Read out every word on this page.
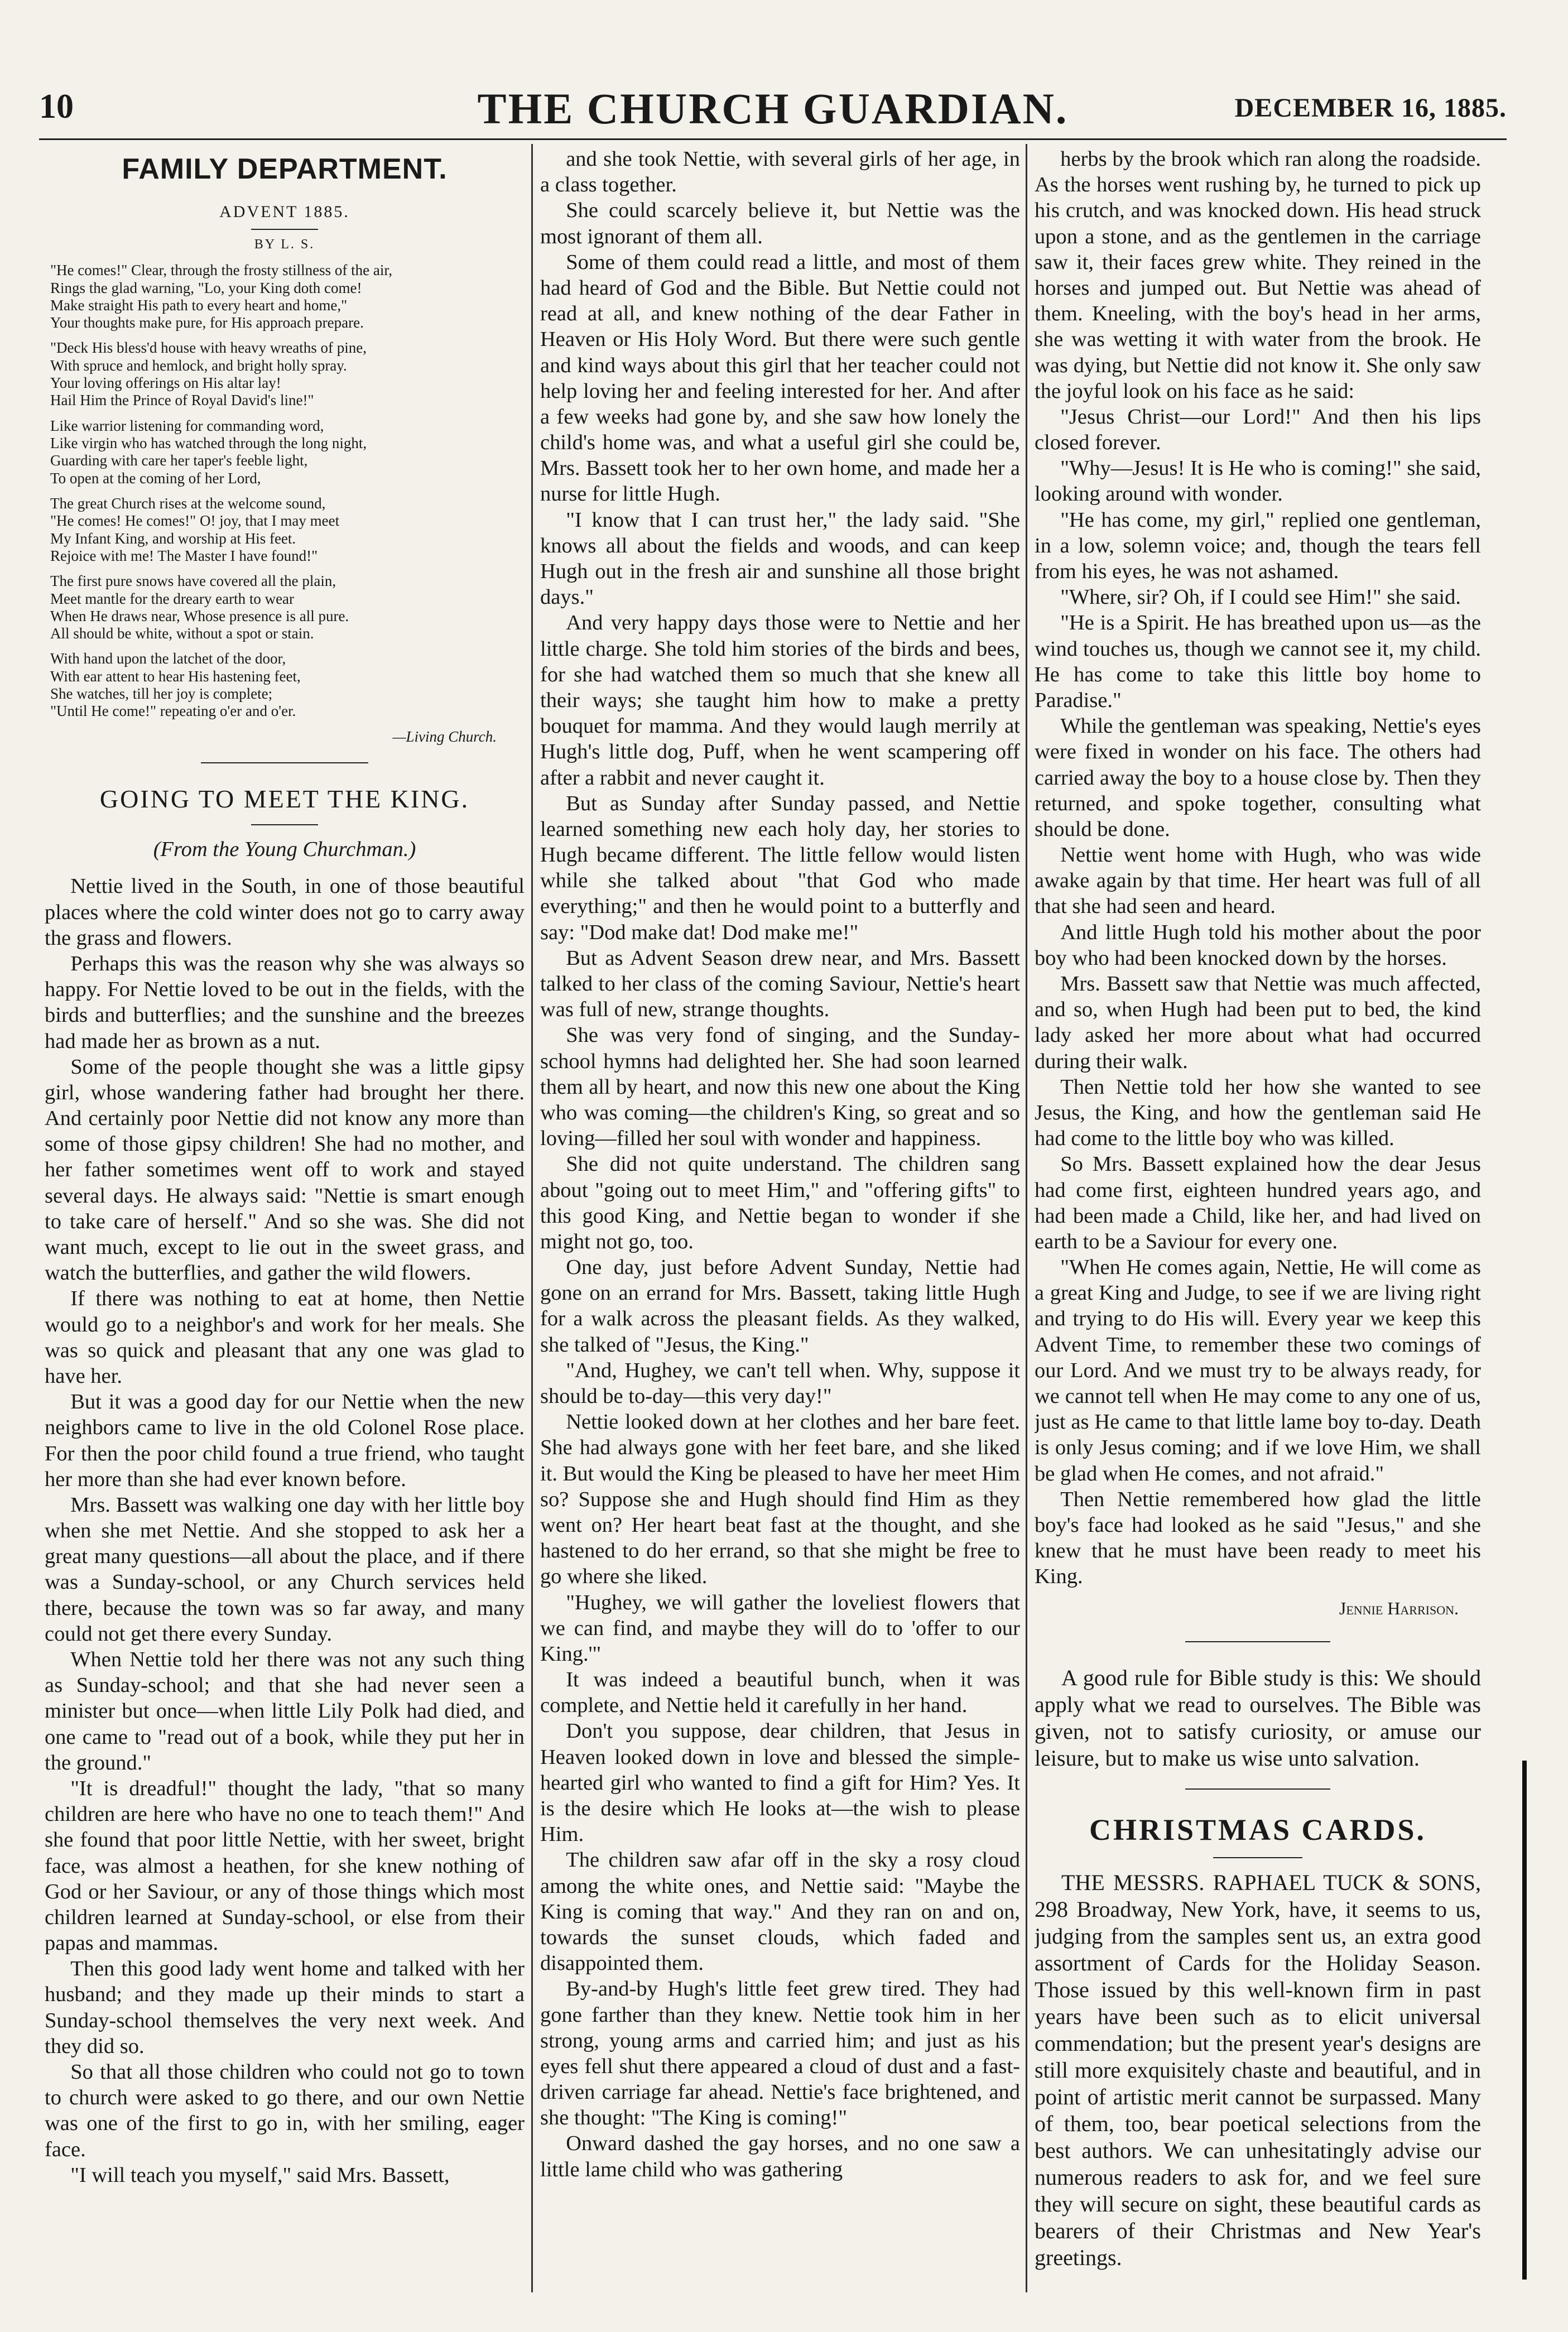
10	THE CHURCH GUARDIAN.	DECEMBER 16, 1885.
FAMILY DEPARTMENT.
ADVENT 1885.
BY L. S.
"He comes!" Clear, through the frosty stillness of the air,
Rings the glad warning, "Lo, your King doth come!
Make straight His path to every heart and home,"
Your thoughts make pure, for His approach prepare.
"Deck His bless'd house with heavy wreaths of pine,
With spruce and hemlock, and bright holly spray.
Your loving offerings on His altar lay!
Hail Him the Prince of Royal David's line!"
Like warrior listening for commanding word,
Like virgin who has watched through the long night,
Guarding with care her taper's feeble light,
To open at the coming of her Lord,
The great Church rises at the welcome sound,
"He comes! He comes!" O! joy, that I may meet
My Infant King, and worship at His feet.
Rejoice with me! The Master I have found!"
The first pure snows have covered all the plain,
Meet mantle for the dreary earth to wear
When He draws near, Whose presence is all pure.
All should be white, without a spot or stain.
With hand upon the latchet of the door,
With ear attent to hear His hastening feet,
She watches, till her joy is complete;
"Until He come!" repeating o'er and o'er.
—Living Church.
GOING TO MEET THE KING.
(From the Young Churchman.)

Nettie lived in the South, in one of those beautiful places where the cold winter does not go to carry away the grass and flowers.

Perhaps this was the reason why she was always so happy. For Nettie loved to be out in the fields, with the birds and butterflies; and the sunshine and the breezes had made her as brown as a nut.

Some of the people thought she was a little gipsy girl, whose wandering father had brought her there. And certainly poor Nettie did not know any more than some of those gipsy children! She had no mother, and her father sometimes went off to work and stayed several days. He always said: "Nettie is smart enough to take care of herself." And so she was. She did not want much, except to lie out in the sweet grass, and watch the butterflies, and gather the wild flowers.

If there was nothing to eat at home, then Nettie would go to a neighbor's and work for her meals. She was so quick and pleasant that any one was glad to have her.

But it was a good day for our Nettie when the new neighbors came to live in the old Colonel Rose place. For then the poor child found a true friend, who taught her more than she had ever known before.

Mrs. Bassett was walking one day with her little boy when she met Nettie. And she stopped to ask her a great many questions—all about the place, and if there was a Sunday-school, or any Church services held there, because the town was so far away, and many could not get there every Sunday.

When Nettie told her there was not any such thing as Sunday-school; and that she had never seen a minister but once—when little Lily Polk had died, and one came to "read out of a book, while they put her in the ground."

"It is dreadful!" thought the lady, "that so many children are here who have no one to teach them!" And she found that poor little Nettie, with her sweet, bright face, was almost a heathen, for she knew nothing of God or her Saviour, or any of those things which most children learned at Sunday-school, or else from their papas and mammas.

Then this good lady went home and talked with her husband; and they made up their minds to start a Sunday-school themselves the very next week. And they did so.

So that all those children who could not go to town to church were asked to go there, and our own Nettie was one of the first to go in, with her smiling, eager face.

"I will teach you myself," said Mrs. Bassett,

and she took Nettie, with several girls of her age, in a class together.

She could scarcely believe it, but Nettie was the most ignorant of them all.

Some of them could read a little, and most of them had heard of God and the Bible. But Nettie could not read at all, and knew nothing of the dear Father in Heaven or His Holy Word. But there were such gentle and kind ways about this girl that her teacher could not help loving her and feeling interested for her. And after a few weeks had gone by, and she saw how lonely the child's home was, and what a useful girl she could be, Mrs. Bassett took her to her own home, and made her a nurse for little Hugh.

"I know that I can trust her," the lady said. "She knows all about the fields and woods, and can keep Hugh out in the fresh air and sunshine all those bright days."

And very happy days those were to Nettie and her little charge. She told him stories of the birds and bees, for she had watched them so much that she knew all their ways; she taught him how to make a pretty bouquet for mamma. And they would laugh merrily at Hugh's little dog, Puff, when he went scampering off after a rabbit and never caught it.

But as Sunday after Sunday passed, and Nettie learned something new each holy day, her stories to Hugh became different. The little fellow would listen while she talked about "that God who made everything;" and then he would point to a butterfly and say: "Dod make dat! Dod make me!"

But as Advent Season drew near, and Mrs. Bassett talked to her class of the coming Saviour, Nettie's heart was full of new, strange thoughts.

She was very fond of singing, and the Sunday-school hymns had delighted her. She had soon learned them all by heart, and now this new one about the King who was coming—the children's King, so great and so loving—filled her soul with wonder and happiness.

She did not quite understand. The children sang about "going out to meet Him," and "offering gifts" to this good King, and Nettie began to wonder if she might not go, too.

One day, just before Advent Sunday, Nettie had gone on an errand for Mrs. Bassett, taking little Hugh for a walk across the pleasant fields. As they walked, she talked of "Jesus, the King."

"And, Hughey, we can't tell when. Why, suppose it should be to-day—this very day!"

Nettie looked down at her clothes and her bare feet. She had always gone with her feet bare, and she liked it. But would the King be pleased to have her meet Him so? Suppose she and Hugh should find Him as they went on? Her heart beat fast at the thought, and she hastened to do her errand, so that she might be free to go where she liked.

"Hughey, we will gather the loveliest flowers that we can find, and maybe they will do to 'offer to our King.'"

It was indeed a beautiful bunch, when it was complete, and Nettie held it carefully in her hand.

Don't you suppose, dear children, that Jesus in Heaven looked down in love and blessed the simple-hearted girl who wanted to find a gift for Him? Yes. It is the desire which He looks at—the wish to please Him.

The children saw afar off in the sky a rosy cloud among the white ones, and Nettie said: "Maybe the King is coming that way." And they ran on and on, towards the sunset clouds, which faded and disappointed them.

By-and-by Hugh's little feet grew tired. They had gone farther than they knew. Nettie took him in her strong, young arms and carried him; and just as his eyes fell shut there appeared a cloud of dust and a fast-driven carriage far ahead. Nettie's face brightened, and she thought: "The King is coming!"

Onward dashed the gay horses, and no one saw a little lame child who was gathering

herbs by the brook which ran along the roadside. As the horses went rushing by, he turned to pick up his crutch, and was knocked down. His head struck upon a stone, and as the gentlemen in the carriage saw it, their faces grew white. They reined in the horses and jumped out. But Nettie was ahead of them. Kneeling, with the boy's head in her arms, she was wetting it with water from the brook. He was dying, but Nettie did not know it. She only saw the joyful look on his face as he said:

"Jesus Christ—our Lord!" And then his lips closed forever.

"Why—Jesus! It is He who is coming!" she said, looking around with wonder.

"He has come, my girl," replied one gentleman, in a low, solemn voice; and, though the tears fell from his eyes, he was not ashamed.

"Where, sir? Oh, if I could see Him!" she said.

"He is a Spirit. He has breathed upon us—as the wind touches us, though we cannot see it, my child. He has come to take this little boy home to Paradise."

While the gentleman was speaking, Nettie's eyes were fixed in wonder on his face. The others had carried away the boy to a house close by. Then they returned, and spoke together, consulting what should be done.

Nettie went home with Hugh, who was wide awake again by that time. Her heart was full of all that she had seen and heard.

And little Hugh told his mother about the poor boy who had been knocked down by the horses.

Mrs. Bassett saw that Nettie was much affected, and so, when Hugh had been put to bed, the kind lady asked her more about what had occurred during their walk.

Then Nettie told her how she wanted to see Jesus, the King, and how the gentleman said He had come to the little boy who was killed.

So Mrs. Bassett explained how the dear Jesus had come first, eighteen hundred years ago, and had been made a Child, like her, and had lived on earth to be a Saviour for every one.

"When He comes again, Nettie, He will come as a great King and Judge, to see if we are living right and trying to do His will. Every year we keep this Advent Time, to remember these two comings of our Lord. And we must try to be always ready, for we cannot tell when He may come to any one of us, just as He came to that little lame boy to-day. Death is only Jesus coming; and if we love Him, we shall be glad when He comes, and not afraid."

Then Nettie remembered how glad the little boy's face had looked as he said "Jesus," and she knew that he must have been ready to meet his King.

Jennie Harrison.

A good rule for Bible study is this: We should apply what we read to ourselves. The Bible was given, not to satisfy curiosity, or amuse our leisure, but to make us wise unto salvation.

CHRISTMAS CARDS.

THE MESSRS. RAPHAEL TUCK & SONS, 298 Broadway, New York, have, it seems to us, judging from the samples sent us, an extra good assortment of Cards for the Holiday Season. Those issued by this well-known firm in past years have been such as to elicit universal commendation; but the present year's designs are still more exquisitely chaste and beautiful, and in point of artistic merit cannot be surpassed. Many of them, too, bear poetical selections from the best authors. We can unhesitatingly advise our numerous readers to ask for, and we feel sure they will secure on sight, these beautiful cards as bearers of their Christmas and New Year's greetings.
